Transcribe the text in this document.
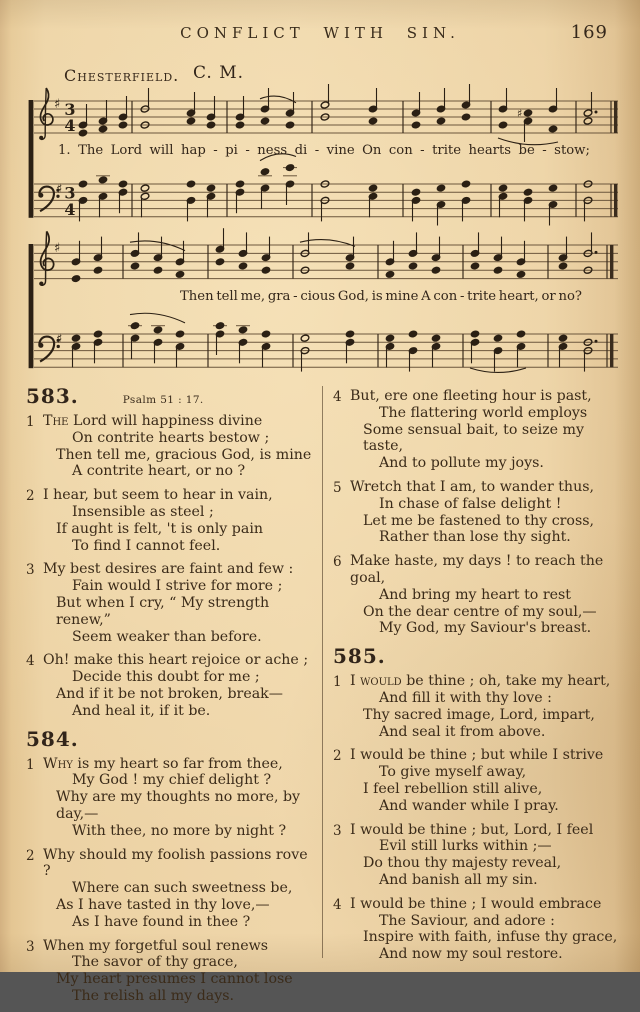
CONFLICT WITH SIN.	169
Chesterfield. C. M.
♯ 3
4
♯
♯ 3
4
1. The Lord will hap - pi - ness di - vine On con - trite hearts be - stow;
♯
♯
Then tell me, gra - cious God, is mine A con - trite heart, or no?
583.	Psalm 51 : 17.
1 The Lord will happiness divine
On contrite hearts bestow ;
Then tell me, gracious God, is mine
A contrite heart, or no ?
2 I hear, but seem to hear in vain,
Insensible as steel ;
If aught is felt, 't is only pain
To find I cannot feel.
3 My best desires are faint and few :
Fain would I strive for more ;
But when I cry, “ My strength renew,”
Seem weaker than before.
4 Oh! make this heart rejoice or ache ;
Decide this doubt for me ;
And if it be not broken, break—
And heal it, if it be.
584.
1 Why is my heart so far from thee,
My God ! my chief delight ?
Why are my thoughts no more, by day,—
With thee, no more by night ?
2 Why should my foolish passions rove ?
Where can such sweetness be,
As I have tasted in thy love,—
As I have found in thee ?
3 When my forgetful soul renews
The savor of thy grace,
My heart presumes I cannot lose
The relish all my days.
4 But, ere one fleeting hour is past,
The flattering world employs
Some sensual bait, to seize my taste,
And to pollute my joys.
5 Wretch that I am, to wander thus,
In chase of false delight !
Let me be fastened to thy cross,
Rather than lose thy sight.
6 Make haste, my days ! to reach the goal,
And bring my heart to rest
On the dear centre of my soul,—
My God, my Saviour's breast.
585.
1 I would be thine ; oh, take my heart,
And fill it with thy love :
Thy sacred image, Lord, impart,
And seal it from above.
2 I would be thine ; but while I strive
To give myself away,
I feel rebellion still alive,
And wander while I pray.
3 I would be thine ; but, Lord, I feel
Evil still lurks within ;—
Do thou thy majesty reveal,
And banish all my sin.
4 I would be thine ; I would embrace
The Saviour, and adore :
Inspire with faith, infuse thy grace,
And now my soul restore.
